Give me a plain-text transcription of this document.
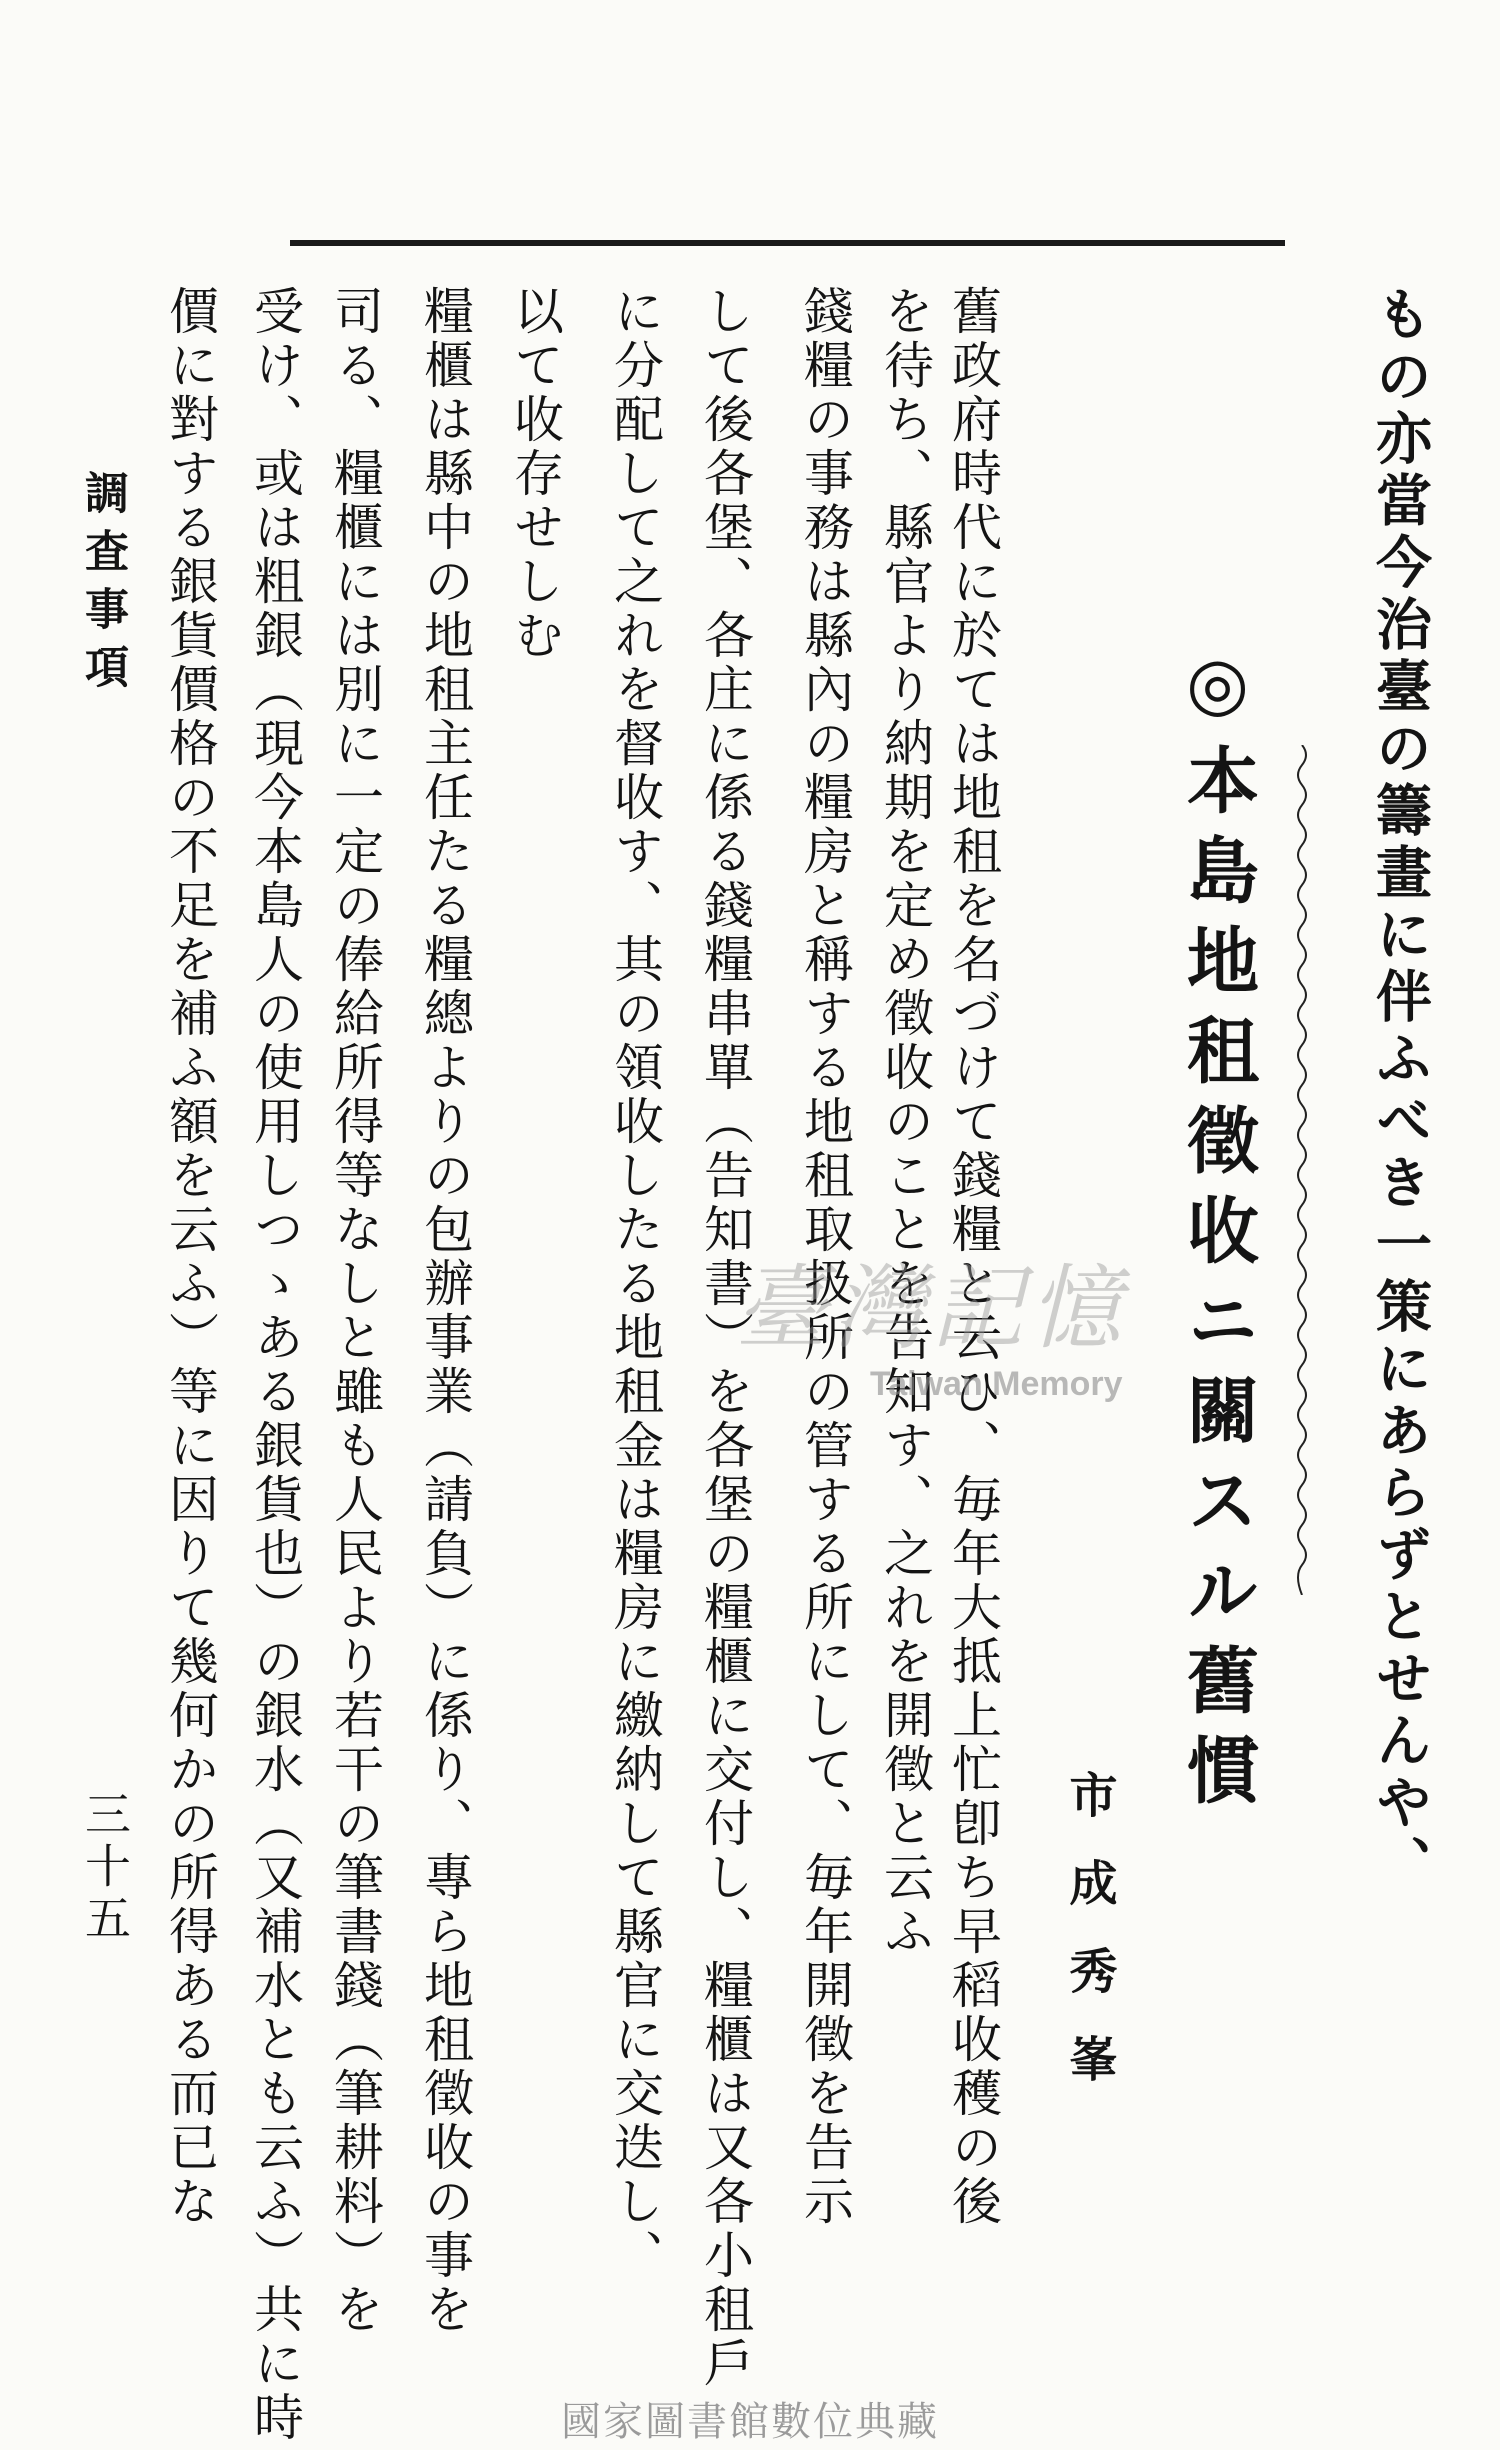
もの亦當今治臺の籌畫に伴ふべき一策にあらずとせんや、
◎本島地租徵收ニ關スル舊慣
市成秀峯
舊政府時代に於ては地租を名づけて錢糧と云ひ、毎年大抵上忙卽ち早稻收穫の後
を待ち、縣官より納期を定め徵收のことを告知す、之れを開徵と云ふ
錢糧の事務は縣內の糧房と稱する地租取扱所の管する所にして、毎年開徵を告示
して後各堡、各庄に係る錢糧串單（告知書）を各堡の糧櫃に交付し、糧櫃は又各小租戶
に分配して之れを督收す、其の領收したる地租金は糧房に繳納して縣官に交迭し、
以て收存せしむ
糧櫃は縣中の地租主任たる糧總よりの包辦事業（請負）に係り、專ら地租徵收の事を
司る、糧櫃には別に一定の俸給所得等なしと雖も人民より若干の筆書錢（筆耕料）を
受け、或は粗銀（現今本島人の使用しつゝある銀貨也）の銀水（又補水とも云ふ）共に時
價に對する銀貨價格の不足を補ふ額を云ふ）等に因りて幾何かの所得ある而已な
調査事項
三十五
臺灣記憶
Taiwan Memory
國家圖書館數位典藏
